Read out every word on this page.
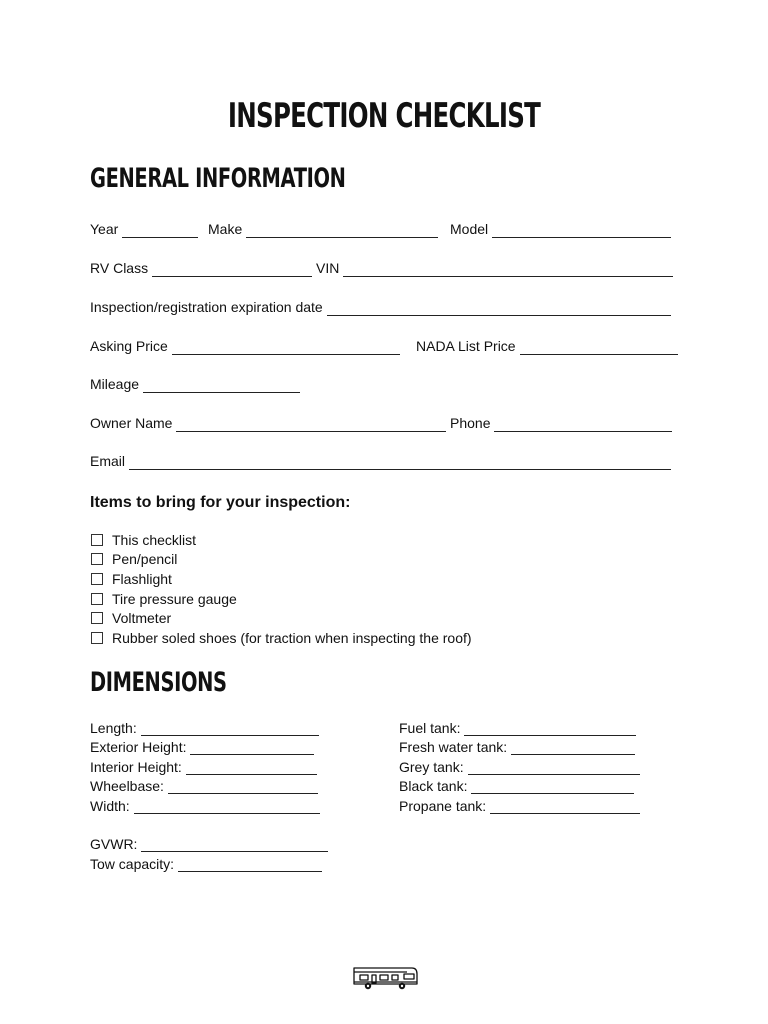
INSPECTION CHECKLIST
GENERAL INFORMATION
Year	Make	Model
RV Class	VIN
Inspection/registration expiration date
Asking Price	NADA List Price
Mileage
Owner Name	Phone
Email
Items to bring for your inspection:
This checklist
Pen/pencil
Flashlight
Tire pressure gauge
Voltmeter
Rubber soled shoes (for traction when inspecting the roof)
DIMENSIONS
Length:
Exterior Height:
Interior Height:
Wheelbase:
Width:
GVWR:
Tow capacity:
Fuel tank:
Fresh water tank:
Grey tank:
Black tank:
Propane tank:
